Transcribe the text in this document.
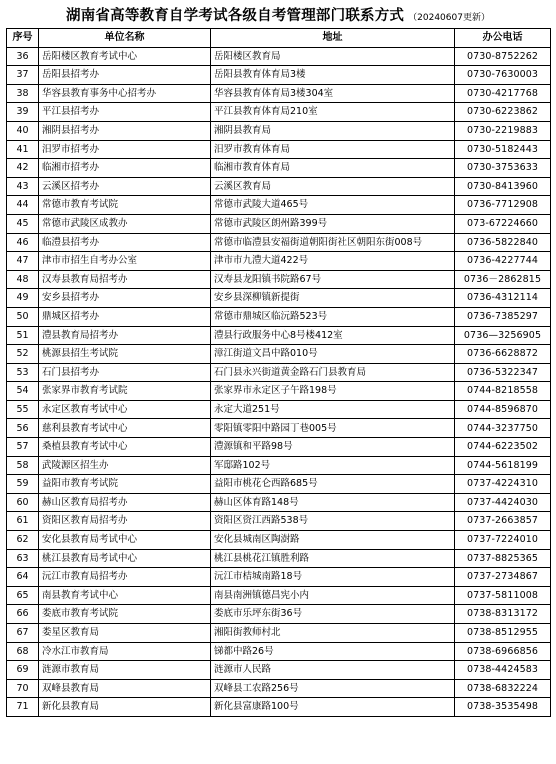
湖南省高等教育自学考试各级自考管理部门联系方式 （20240607更新）
序号	单位名称	地址	办公电话
36	岳阳楼区教育考试中心	岳阳楼区教育局	0730-8752262
37	岳阳县招考办	岳阳县教育体育局3楼	0730-7630003
38	华容县教育事务中心招考办	华容县教育体育局3楼304室	0730-4217768
39	平江县招考办	平江县教育体育局210室	0730-6223862
40	湘阴县招考办	湘阴县教育局	0730-2219883
41	汨罗市招考办	汨罗市教育体育局	0730-5182443
42	临湘市招考办	临湘市教育体育局	0730-3753633
43	云溪区招考办	云溪区教育局	0730-8413960
44	常德市教育考试院	常德市武陵大道465号	0736-7712908
45	常德市武陵区成教办	常德市武陵区朗州路399号	073-67224660
46	临澧县招考办	常德市临澧县安福街道朝阳街社区朝阳东街008号	0736-5822840
47	津市市招生自考办公室	津市市九澧大道422号	0736-4227744
48	汉寿县教育局招考办	汉寿县龙阳镇书院路67号	0736－2862815
49	安乡县招考办	安乡县深柳镇新提街	0736-4312114
50	鼎城区招考办	常德市鼎城区临沅路523号	0736-7385297
51	澧县教育局招考办	澧县行政服务中心8号楼412室	0736—3256905
52	桃源县招生考试院	漳江街道文昌中路010号	0736-6628872
53	石门县招考办	石门县永兴街道黄金路石门县教育局	0736-5322347
54	张家界市教育考试院	张家界市永定区子午路198号	0744-8218558
55	永定区教育考试中心	永定大道251号	0744-8596870
56	慈利县教育考试中心	零阳镇零阳中路园丁巷005号	0744-3237750
57	桑植县教育考试中心	澧源镇和平路98号	0744-6223502
58	武陵源区招生办	军邸路102号	0744-5618199
59	益阳市教育考试院	益阳市桃花仑西路685号	0737-4224310
60	赫山区教育局招考办	赫山区体育路148号	0737-4424030
61	资阳区教育局招考办	资阳区资江西路538号	0737-2663857
62	安化县教育局考试中心	安化县城南区陶澍路	0737-7224010
63	桃江县教育局考试中心	桃江县桃花江镇胜利路	0737-8825365
64	沅江市教育局招考办	沅江市桔城南路18号	0737-2734867
65	南县教育考试中心	南县南洲镇德昌宪小内	0737-5811008
66	娄底市教育考试院	娄底市乐坪东街36号	0738-8313172
67	娄星区教育局	湘阳街教师村北	0738-8512955
68	冷水江市教育局	锑都中路26号	0738-6966856
69	涟源市教育局	涟源市人民路	0738-4424583
70	双峰县教育局	双峰县工农路256号	0738-6832224
71	新化县教育局	新化县富康路100号	0738-3535498
